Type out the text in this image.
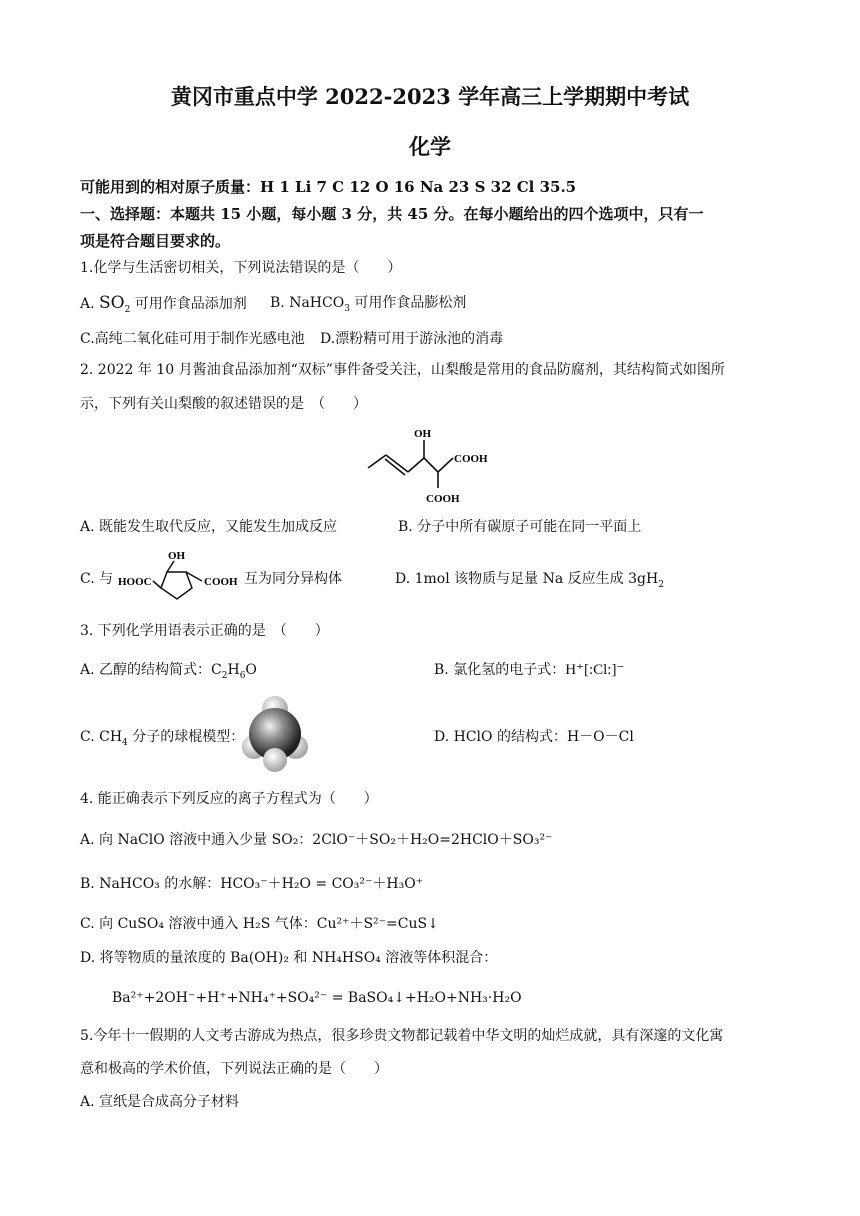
黄冈市重点中学 2022-2023 学年高三上学期期中考试
化学
可能用到的相对原子质量：H 1 Li 7 C 12 O 16 Na 23 S 32 Cl 35.5
一、选择题：本题共 15 小题，每小题 3 分，共 45 分。在每小题给出的四个选项中，只有一
项是符合题目要求的。
1.化学与生活密切相关，下列说法错误的是（　　）
A. $SO_2$ 可用作食品添加剂 B. NaHCO$_3$ 可用作食品膨松剂
C.高纯二氧化硅可用于制作光感电池 D.漂粉精可用于游泳池的消毒
2. 2022 年 10 月酱油食品添加剂“双标”事件备受关注，山梨酸是常用的食品防腐剂，其结构简式如图所
示，下列有关山梨酸的叙述错误的是　（　　）
OH
COOH
COOH
A. 既能发生取代反应，又能发生加成反应	B. 分子中所有碳原子可能在同一平面上
C. 与
OH
HOOC	COOH 互为同分异构体	D. 1mol 该物质与足量 Na 反应生成 $3gH_2$
3. 下列化学用语表示正确的是　（　　）
A. 乙醇的结构简式：$C_2H_6O$	B. 氯化氢的电子式：H⁺[:Cl:]⁻
C. $CH_4$ 分子的球棍模型：	D. HClO 的结构式：H－O－Cl
4. 能正确表示下列反应的离子方程式为（　　）
A. 向 NaClO 溶液中通入少量 SO₂：2ClO⁻＋SO₂＋H₂O=2HClO＋SO₃²⁻
B. NaHCO₃ 的水解：HCO₃⁻＋H₂O = CO₃²⁻＋H₃O⁺
C. 向 CuSO₄ 溶液中通入 H₂S 气体：Cu²⁺＋S²⁻=CuS↓
D. 将等物质的量浓度的 Ba(OH)₂ 和 NH₄HSO₄ 溶液等体积混合：
Ba²⁺+2OH⁻+H⁺+NH₄⁺+SO₄²⁻ = BaSO₄↓+H₂O+NH₃·H₂O
5.今年十一假期的人文考古游成为热点，很多珍贵文物都记载着中华文明的灿烂成就，具有深邃的文化寓
意和极高的学术价值，下列说法正确的是（　　）
A. 宣纸是合成高分子材料
